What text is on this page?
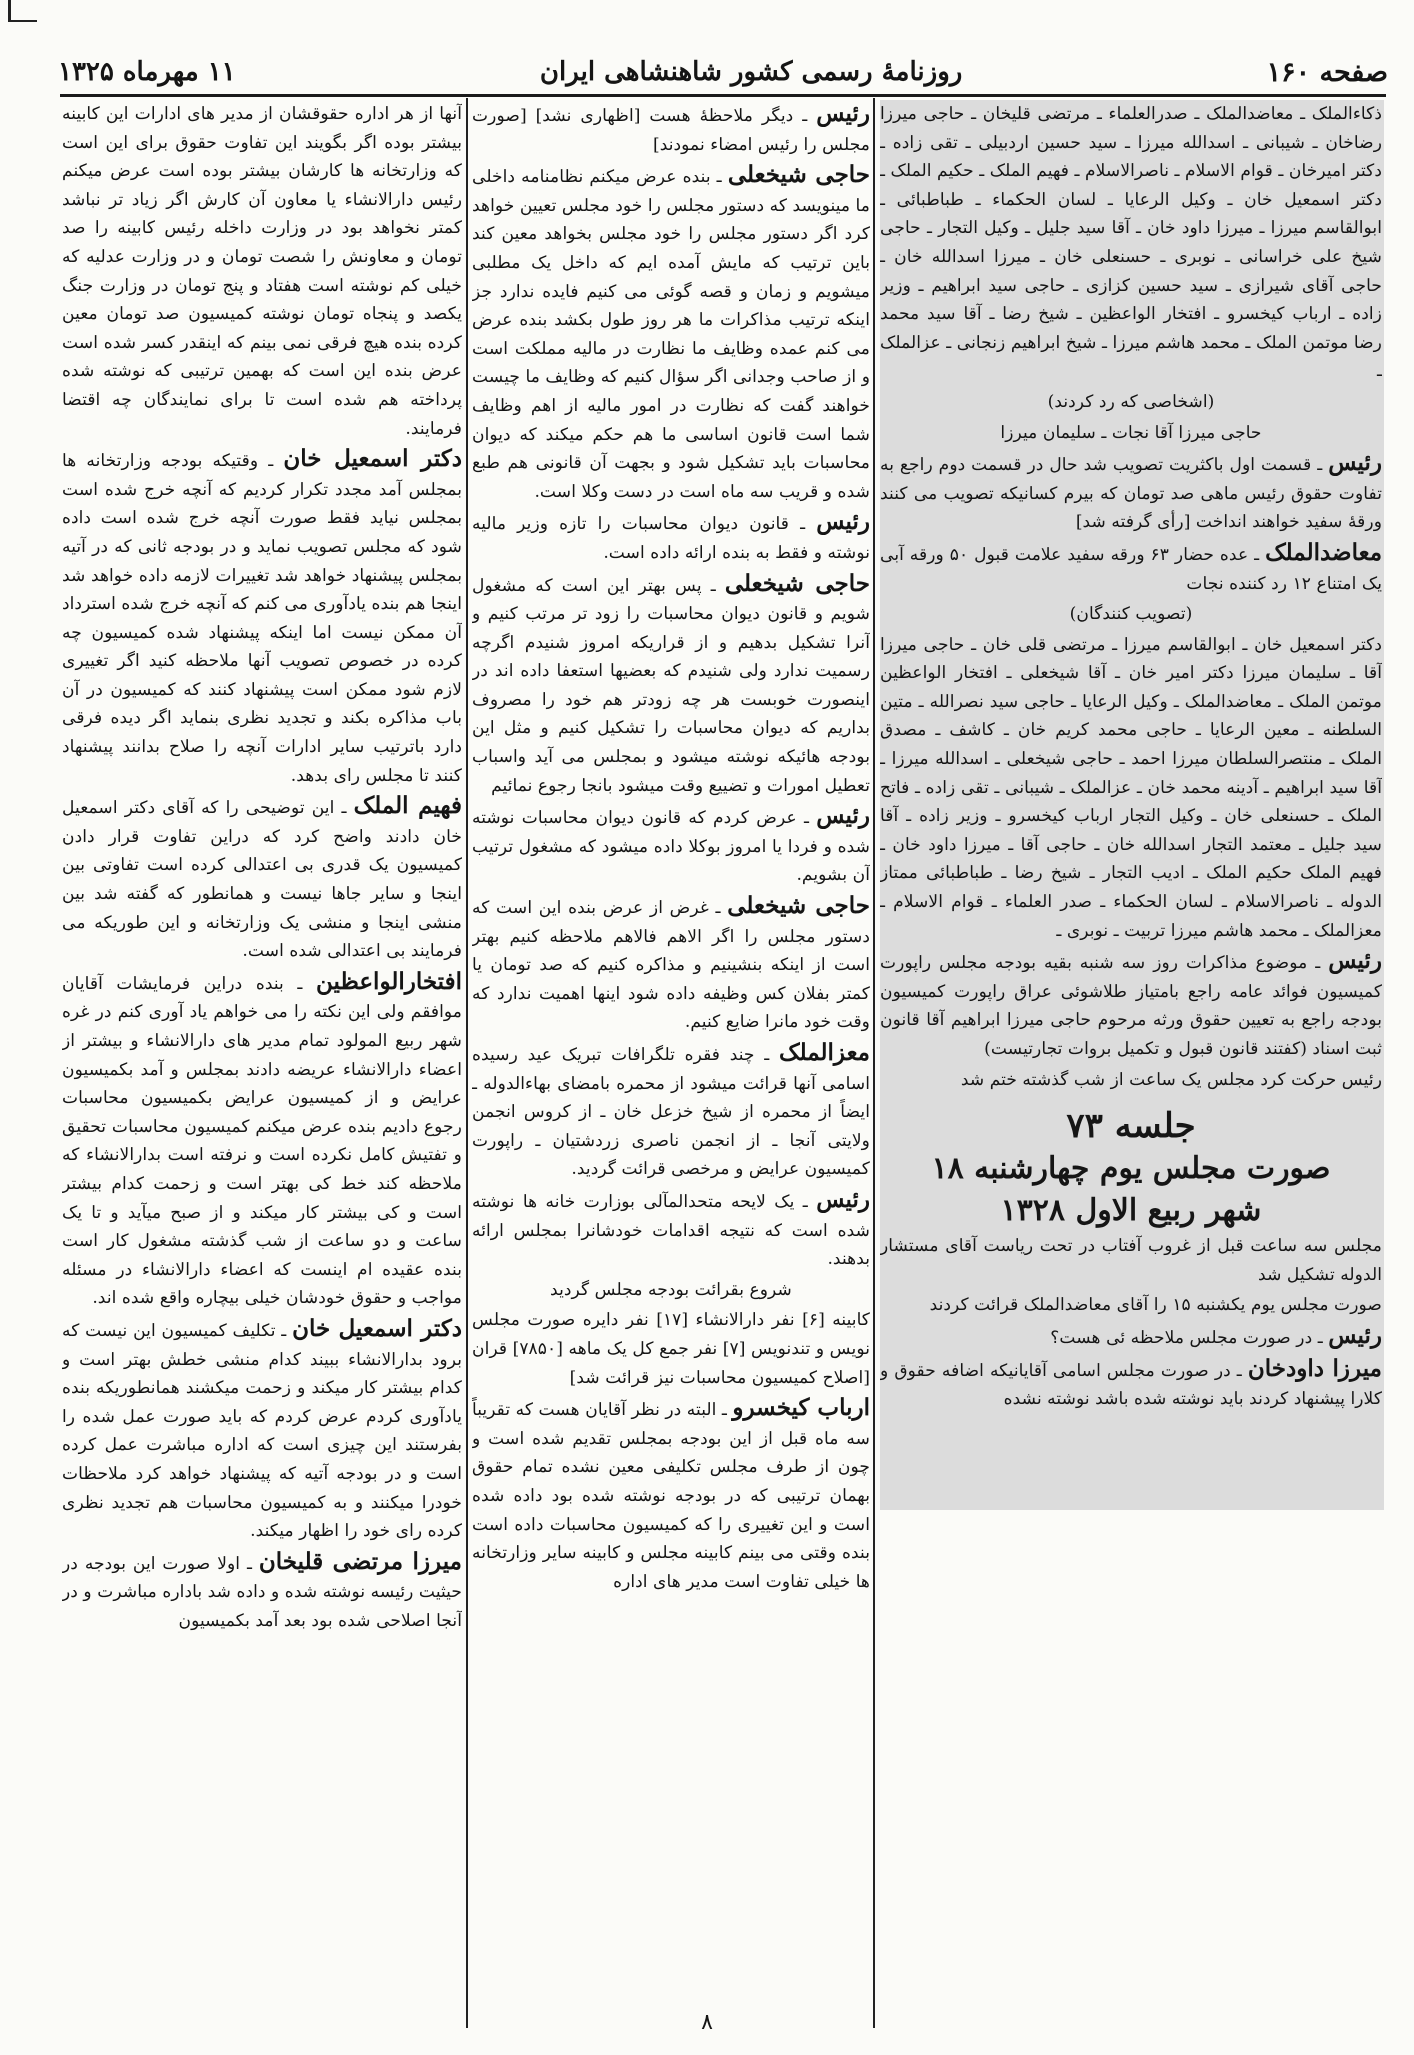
صفحه ۱۶۰
روزنامهٔ رسمی کشور شاهنشاهی ایران
۱۱ مهرماه ۱۳۲۵

ذکاءالملک ـ معاضدالملک ـ صدرالعلماء ـ مرتضی قلیخان ـ حاجی میرزا رضاخان ـ شیبانی ـ اسدالله میرزا ـ سید حسین اردبیلی ـ تقی زاده ـ دکتر امیرخان ـ قوام الاسلام ـ ناصرالاسلام ـ فهیم الملک ـ حکیم الملک ـ دکتر اسمعیل خان ـ وکیل الرعایا ـ لسان الحکماء ـ طباطبائی ـ ابوالقاسم میرزا ـ میرزا داود خان ـ آقا سید جلیل ـ وکیل التجار ـ حاجی شیخ علی خراسانی ـ نوبری ـ حسنعلی خان ـ میرزا اسدالله خان ـ حاجی آقای شیرازی ـ سید حسین کزازی ـ حاجی سید ابراهیم ـ وزیر زاده ـ ارباب کیخسرو ـ افتخار الواعظین ـ شیخ رضا ـ آقا سید محمد رضا موتمن الملک ـ محمد هاشم میرزا ـ شیخ ابراهیم زنجانی ـ عزالملک ـ

(اشخاصی که رد کردند)

حاجی میرزا آقا نجات ـ سلیمان میرزا

رئیس ـ قسمت اول باکثریت تصویب شد حال در قسمت دوم راجع به تفاوت حقوق رئیس ماهی صد تومان که بیرم کسانیکه تصویب می کنند ورقهٔ سفید خواهند انداخت [رأی گرفته شد]

معاضدالملک ـ عده حضار ۶۳ ورقه سفید علامت قبول ۵۰ ورقه آبی یک امتناع ۱۲ رد کننده نجات

(تصویب کنندگان)

دکتر اسمعیل خان ـ ابوالقاسم میرزا ـ مرتضی قلی خان ـ حاجی میرزا آقا ـ سلیمان میرزا دکتر امیر خان ـ آقا شیخعلی ـ افتخار الواعظین موتمن الملک ـ معاضدالملک ـ وکیل الرعایا ـ حاجی سید نصرالله ـ متین السلطنه ـ معین الرعایا ـ حاجی محمد کریم خان ـ کاشف ـ مصدق الملک ـ منتصرالسلطان میرزا احمد ـ حاجی شیخعلی ـ اسدالله میرزا ـ آقا سید ابراهیم ـ آدینه محمد خان ـ عزالملک ـ شیبانی ـ تقی زاده ـ فاتح الملک ـ حسنعلی خان ـ وکیل التجار ارباب کیخسرو ـ وزیر زاده ـ آقا سید جلیل ـ معتمد التجار اسدالله خان ـ حاجی آقا ـ میرزا داود خان ـ فهیم الملک حکیم الملک ـ ادیب التجار ـ شیخ رضا ـ طباطبائی ممتاز الدوله ـ ناصرالاسلام ـ لسان الحکماء ـ صدر العلماء ـ قوام الاسلام ـ معزالملک ـ محمد هاشم میرزا تربیت ـ نوبری ـ

رئیس ـ موضوع مذاکرات روز سه شنبه بقیه بودجه مجلس راپورت کمیسیون فوائد عامه راجع بامتیاز طلاشوئی عراق راپورت کمیسیون بودجه راجع به تعیین حقوق ورثه مرحوم حاجی میرزا ابراهیم آقا قانون ثبت اسناد (کفتند قانون قبول و تکمیل بروات تجارتیست)

رئیس حرکت کرد مجلس یک ساعت از شب گذشته ختم شد

جلسه ۷۳
صورت مجلس یوم چهارشنبه ۱۸
شهر ربیع الاول ۱۳۲۸

مجلس سه ساعت قبل از غروب آفتاب در تحت ریاست آقای مستشار الدوله تشکیل شد

صورت مجلس یوم یکشنبه ۱۵ را آقای معاضدالملک قرائت کردند

رئیس ـ در صورت مجلس ملاحظه ئی هست؟

میرزا داودخان ـ در صورت مجلس اسامی آقایانیکه اضافه حقوق و کلارا پیشنهاد کردند باید نوشته شده باشد نوشته نشده

رئیس ـ دیگر ملاحظهٔ هست [اظهاری نشد] [صورت مجلس را رئیس امضاء نمودند]

حاجی شیخعلی ـ بنده عرض میکنم نظامنامه داخلی ما مینویسد که دستور مجلس را خود مجلس تعیین خواهد کرد اگر دستور مجلس را خود مجلس بخواهد معین کند باین ترتیب که مایش آمده ایم که داخل یک مطلبی میشویم و زمان و قصه گوئی می کنیم فایده ندارد جز اینکه ترتیب مذاکرات ما هر روز طول بکشد بنده عرض می کنم عمده وظایف ما نظارت در مالیه مملکت است و از صاحب وجدانی اگر سؤال کنیم که وظایف ما چیست خواهند گفت که نظارت در امور مالیه از اهم وظایف شما است قانون اساسی ما هم حکم میکند که دیوان محاسبات باید تشکیل شود و بجهت آن قانونی هم طبع شده و قریب سه ماه است در دست وکلا است.

رئیس ـ قانون دیوان محاسبات را تازه وزیر مالیه نوشته و فقط به بنده ارائه داده است.

حاجی شیخعلی ـ پس بهتر این است که مشغول شویم و قانون دیوان محاسبات را زود تر مرتب کنیم و آنرا تشکیل بدهیم و از قراریکه امروز شنیدم اگرچه رسمیت ندارد ولی شنیدم که بعضیها استعفا داده اند در اینصورت خوبست هر چه زودتر هم خود را مصروف بداریم که دیوان محاسبات را تشکیل کنیم و مثل این بودجه هائیکه نوشته میشود و بمجلس می آید واسباب تعطیل امورات و تضییع وقت میشود بانجا رجوع نمائیم

رئیس ـ عرض کردم که قانون دیوان محاسبات نوشته شده و فردا یا امروز بوکلا داده میشود که مشغول ترتیب آن بشویم.

حاجی شیخعلی ـ غرض از عرض بنده این است که دستور مجلس را اگر الاهم فالاهم ملاحظه کنیم بهتر است از اینکه بنشینیم و مذاکره کنیم که صد تومان یا کمتر بفلان کس وظیفه داده شود اینها اهمیت ندارد که وقت خود مانرا ضایع کنیم.

معزالملک ـ چند فقره تلگرافات تبریک عید رسیده اسامی آنها قرائت میشود از محمره بامضای بهاءالدوله ـ ایضاً از محمره از شیخ خزعل خان ـ از کروس انجمن ولایتی آنجا ـ از انجمن ناصری زردشتیان ـ راپورت کمیسیون عرایض و مرخصی قرائت گردید.

رئیس ـ یک لایحه متحدالمآلی بوزارت خانه ها نوشته شده است که نتیجه اقدامات خودشانرا بمجلس ارائه بدهند.

شروع بقرائت بودجه مجلس گردید

کابینه [۶] نفر دارالانشاء [۱۷] نفر دایره صورت مجلس نویس و تندنویس [۷] نفر جمع کل یک ماهه [۷۸۵۰] قران [اصلاح کمیسیون محاسبات نیز قرائت شد]

ارباب کیخسرو ـ البته در نظر آقایان هست که تقریباً سه ماه قبل از این بودجه بمجلس تقدیم شده است و چون از طرف مجلس تکلیفی معین نشده تمام حقوق بهمان ترتیبی که در بودجه نوشته شده بود داده شده است و این تغییری را که کمیسیون محاسبات داده است بنده وقتی می بینم کابینه مجلس و کابینه سایر وزارتخانه ها خیلی تفاوت است مدیر های اداره

آنها از هر اداره حقوقشان از مدیر های ادارات این کابینه بیشتر بوده اگر بگویند این تفاوت حقوق برای این است که وزارتخانه ها کارشان بیشتر بوده است عرض میکنم رئیس دارالانشاء یا معاون آن کارش اگر زیاد تر نباشد کمتر نخواهد بود در وزارت داخله رئیس کابینه را صد تومان و معاونش را شصت تومان و در وزارت عدلیه که خیلی کم نوشته است هفتاد و پنج تومان در وزارت جنگ یکصد و پنجاه تومان نوشته کمیسیون صد تومان معین کرده بنده هیچ فرقی نمی بینم که اینقدر کسر شده است عرض بنده این است که بهمین ترتیبی که نوشته شده پرداخته هم شده است تا برای نمایندگان چه اقتضا فرمایند.

دکتر اسمعیل خان ـ وقتیکه بودجه وزارتخانه ها بمجلس آمد مجدد تکرار کردیم که آنچه خرج شده است بمجلس نیاید فقط صورت آنچه خرج شده است داده شود که مجلس تصویب نماید و در بودجه ثانی که در آتیه بمجلس پیشنهاد خواهد شد تغییرات لازمه داده خواهد شد اینجا هم بنده یادآوری می کنم که آنچه خرج شده استرداد آن ممکن نیست اما اینکه پیشنهاد شده کمیسیون چه کرده در خصوص تصویب آنها ملاحظه کنید اگر تغییری لازم شود ممکن است پیشنهاد کنند که کمیسیون در آن باب مذاکره بکند و تجدید نظری بنماید اگر دیده فرقی دارد باترتیب سایر ادارات آنچه را صلاح بدانند پیشنهاد کنند تا مجلس رای بدهد.

فهیم الملک ـ این توضیحی را که آقای دکتر اسمعیل خان دادند واضح کرد که دراین تفاوت قرار دادن کمیسیون یک قدری بی اعتدالی کرده است تفاوتی بین اینجا و سایر جاها نیست و همانطور که گفته شد بین منشی اینجا و منشی یک وزارتخانه و این طوریکه می فرمایند بی اعتدالی شده است.

افتخارالواعظین ـ بنده دراین فرمایشات آقایان موافقم ولی این نکته را می خواهم یاد آوری کنم در غره شهر ربیع المولود تمام مدیر های دارالانشاء و بیشتر از اعضاء دارالانشاء عریضه دادند بمجلس و آمد بکمیسیون عرایض و از کمیسیون عرایض بکمیسیون محاسبات رجوع دادیم بنده عرض میکنم کمیسیون محاسبات تحقیق و تفتیش کامل نکرده است و نرفته است بدارالانشاء که ملاحظه کند خط کی بهتر است و زحمت کدام بیشتر است و کی بیشتر کار میکند و از صبح میآید و تا یک ساعت و دو ساعت از شب گذشته مشغول کار است بنده عقیده ام اینست که اعضاء دارالانشاء در مسئله مواجب و حقوق خودشان خیلی بیچاره واقع شده اند.

دکتر اسمعیل خان ـ تکلیف کمیسیون این نیست که برود بدارالانشاء ببیند کدام منشی خطش بهتر است و کدام بیشتر کار میکند و زحمت میکشند همانطوریکه بنده یادآوری کردم عرض کردم که باید صورت عمل شده را بفرستند این چیزی است که اداره مباشرت عمل کرده است و در بودجه آتیه که پیشنهاد خواهد کرد ملاحظات خودرا میکنند و به کمیسیون محاسبات هم تجدید نظری کرده رای خود را اظهار میکند.

میرزا مرتضی قلیخان ـ اولا صورت این بودجه در حیثیت رئیسه نوشته شده و داده شد باداره مباشرت و در آنجا اصلاحی شده بود بعد آمد بکمیسیون

۸
